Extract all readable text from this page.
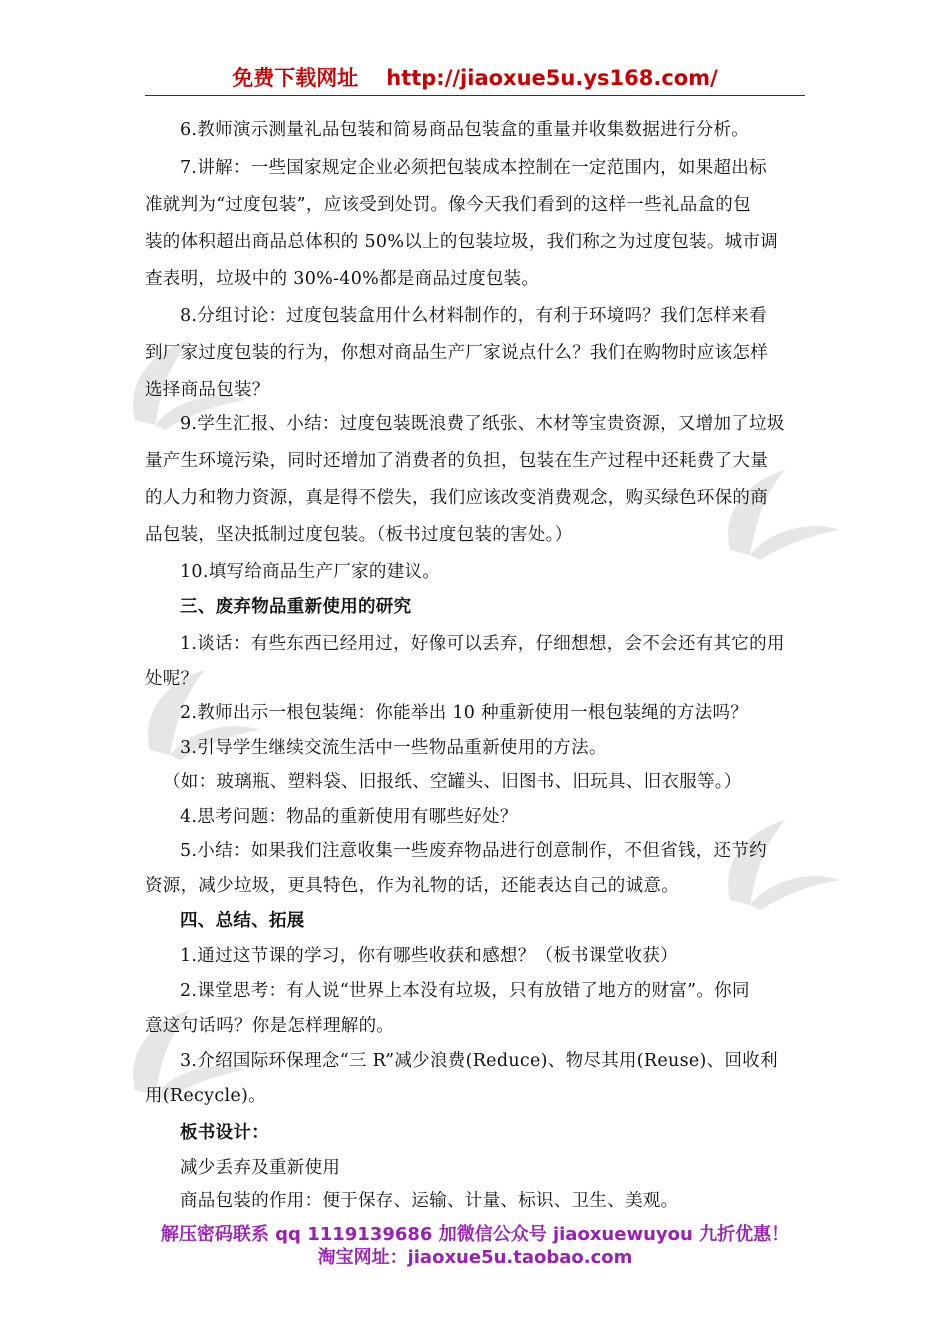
免费下载网址 http://jiaoxue5u.ys168.com/
6.教师演示测量礼品包装和简易商品包装盒的重量并收集数据进行分析。
7.讲解：一些国家规定企业必须把包装成本控制在一定范围内，如果超出标
准就判为“过度包装”，应该受到处罚。像今天我们看到的这样一些礼品盒的包
装的体积超出商品总体积的 50%以上的包装垃圾，我们称之为过度包装。城市调
查表明，垃圾中的 30%-40%都是商品过度包装。
8.分组讨论：过度包装盒用什么材料制作的，有利于环境吗？我们怎样来看
到厂家过度包装的行为，你想对商品生产厂家说点什么？我们在购物时应该怎样
选择商品包装？
9.学生汇报、小结：过度包装既浪费了纸张、木材等宝贵资源，又增加了垃圾
量产生环境污染，同时还增加了消费者的负担，包装在生产过程中还耗费了大量
的人力和物力资源，真是得不偿失，我们应该改变消费观念，购买绿色环保的商
品包装，坚决抵制过度包装。（板书过度包装的害处。）
10.填写给商品生产厂家的建议。
三、废弃物品重新使用的研究
1.谈话：有些东西已经用过，好像可以丢弃，仔细想想，会不会还有其它的用
处呢？
2.教师出示一根包装绳：你能举出 10 种重新使用一根包装绳的方法吗？
3.引导学生继续交流生活中一些物品重新使用的方法。
（如：玻璃瓶、塑料袋、旧报纸、空罐头、旧图书、旧玩具、旧衣服等。）
4.思考问题：物品的重新使用有哪些好处？
5.小结：如果我们注意收集一些废弃物品进行创意制作，不但省钱，还节约
资源，减少垃圾，更具特色，作为礼物的话，还能表达自己的诚意。
四、总结、拓展
1.通过这节课的学习，你有哪些收获和感想？（板书课堂收获）
2.课堂思考：有人说“世界上本没有垃圾，只有放错了地方的财富”。你同
意这句话吗？你是怎样理解的。
3.介绍国际环保理念“三 R”减少浪费(Reduce)、物尽其用(Reuse)、回收利
用(Recycle)。
板书设计：
减少丢弃及重新使用
商品包装的作用：便于保存、运输、计量、标识、卫生、美观。
解压密码联系 qq 1119139686 加微信公众号 jiaoxuewuyou 九折优惠！
淘宝网址：jiaoxue5u.taobao.com
